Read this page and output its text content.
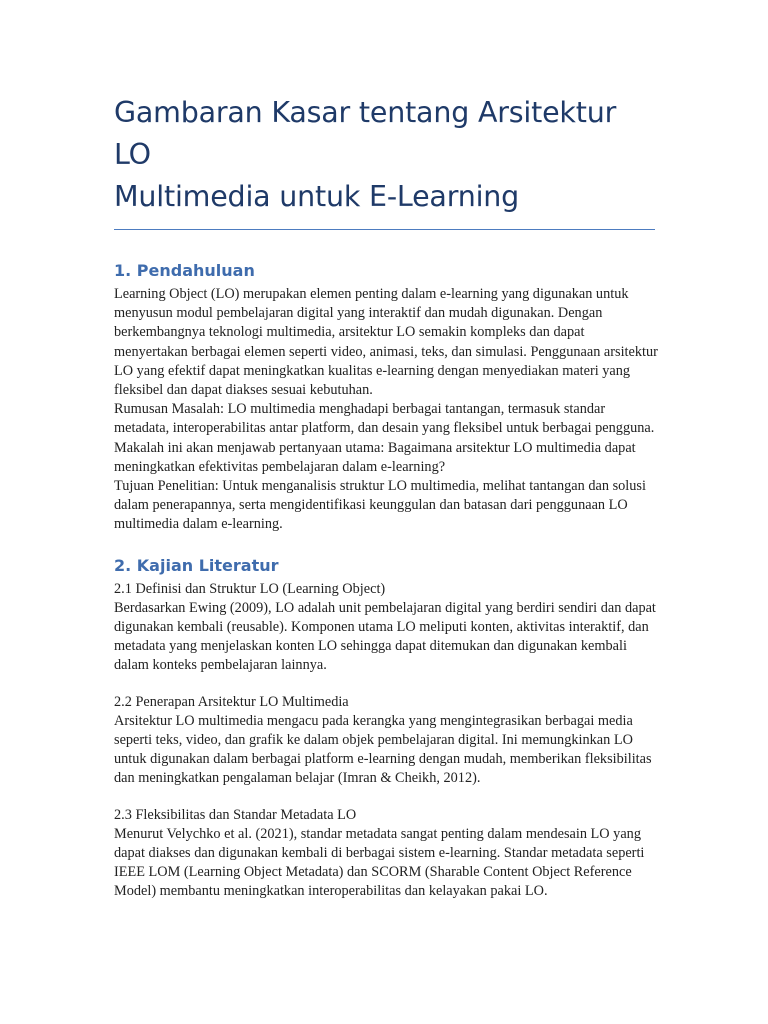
Gambaran Kasar tentang Arsitektur LO
Multimedia untuk E-Learning
1. Pendahuluan

Learning Object (LO) merupakan elemen penting dalam e-learning yang digunakan untuk menyusun modul pembelajaran digital yang interaktif dan mudah digunakan. Dengan berkembangnya teknologi multimedia, arsitektur LO semakin kompleks dan dapat menyertakan berbagai elemen seperti video, animasi, teks, dan simulasi. Penggunaan arsitektur LO yang efektif dapat meningkatkan kualitas e-learning dengan menyediakan materi yang fleksibel dan dapat diakses sesuai kebutuhan.

Rumusan Masalah: LO multimedia menghadapi berbagai tantangan, termasuk standar metadata, interoperabilitas antar platform, dan desain yang fleksibel untuk berbagai pengguna. Makalah ini akan menjawab pertanyaan utama: Bagaimana arsitektur LO multimedia dapat meningkatkan efektivitas pembelajaran dalam e-learning?

Tujuan Penelitian: Untuk menganalisis struktur LO multimedia, melihat tantangan dan solusi dalam penerapannya, serta mengidentifikasi keunggulan dan batasan dari penggunaan LO multimedia dalam e-learning.

2. Kajian Literatur

2.1 Definisi dan Struktur LO (Learning Object)

Berdasarkan Ewing (2009), LO adalah unit pembelajaran digital yang berdiri sendiri dan dapat digunakan kembali (reusable). Komponen utama LO meliputi konten, aktivitas interaktif, dan metadata yang menjelaskan konten LO sehingga dapat ditemukan dan digunakan kembali dalam konteks pembelajaran lainnya.

2.2 Penerapan Arsitektur LO Multimedia

Arsitektur LO multimedia mengacu pada kerangka yang mengintegrasikan berbagai media seperti teks, video, dan grafik ke dalam objek pembelajaran digital. Ini memungkinkan LO untuk digunakan dalam berbagai platform e-learning dengan mudah, memberikan fleksibilitas dan meningkatkan pengalaman belajar (Imran & Cheikh, 2012).

2.3 Fleksibilitas dan Standar Metadata LO

Menurut Velychko et al. (2021), standar metadata sangat penting dalam mendesain LO yang dapat diakses dan digunakan kembali di berbagai sistem e-learning. Standar metadata seperti IEEE LOM (Learning Object Metadata) dan SCORM (Sharable Content Object Reference Model) membantu meningkatkan interoperabilitas dan kelayakan pakai LO.
